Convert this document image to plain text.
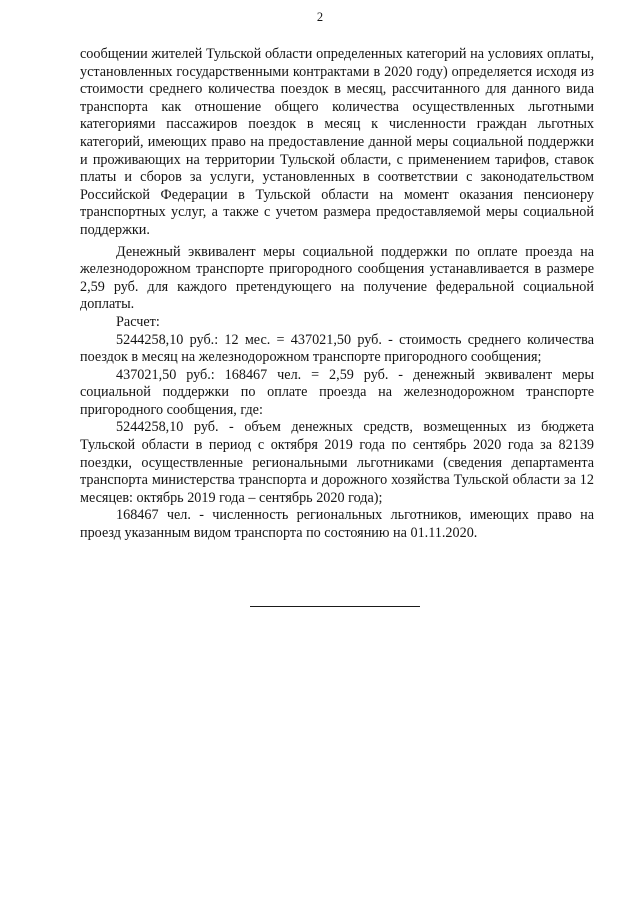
2

сообщении жителей Тульской области определенных категорий на условиях оплаты, установленных государственными контрактами в 2020 году) определяется исходя из стоимости среднего количества поездок в месяц, рассчитанного для данного вида транспорта как отношение общего количества осуществленных льготными категориями пассажиров поездок в месяц к численности граждан льготных категорий, имеющих право на предоставление данной меры социальной поддержки и проживающих на территории Тульской области, с применением тарифов, ставок платы и сборов за услуги, установленных в соответствии с законодательством Российской Федерации в Тульской области на момент оказания пенсионеру транспортных услуг, а также с учетом размера предоставляемой меры социальной поддержки.

Денежный эквивалент меры социальной поддержки по оплате проезда на железнодорожном транспорте пригородного сообщения устанавливается в размере 2,59 руб. для каждого претендующего на получение федеральной социальной доплаты.

Расчет:

5244258,10 руб.: 12 мес. = 437021,50 руб. - стоимость среднего количества поездок в месяц на железнодорожном транспорте пригородного сообщения;

437021,50 руб.: 168467 чел. = 2,59 руб. - денежный эквивалент меры социальной поддержки по оплате проезда на железнодорожном транспорте пригородного сообщения, где:

5244258,10 руб. - объем денежных средств, возмещенных из бюджета Тульской области в период с октября 2019 года по сентябрь 2020 года за 82139 поездки, осуществленные региональными льготниками (сведения департамента транспорта министерства транспорта и дорожного хозяйства Тульской области за 12 месяцев: октябрь 2019 года – сентябрь 2020 года);

168467 чел. - численность региональных льготников, имеющих право на проезд указанным видом транспорта по состоянию на 01.11.2020.
